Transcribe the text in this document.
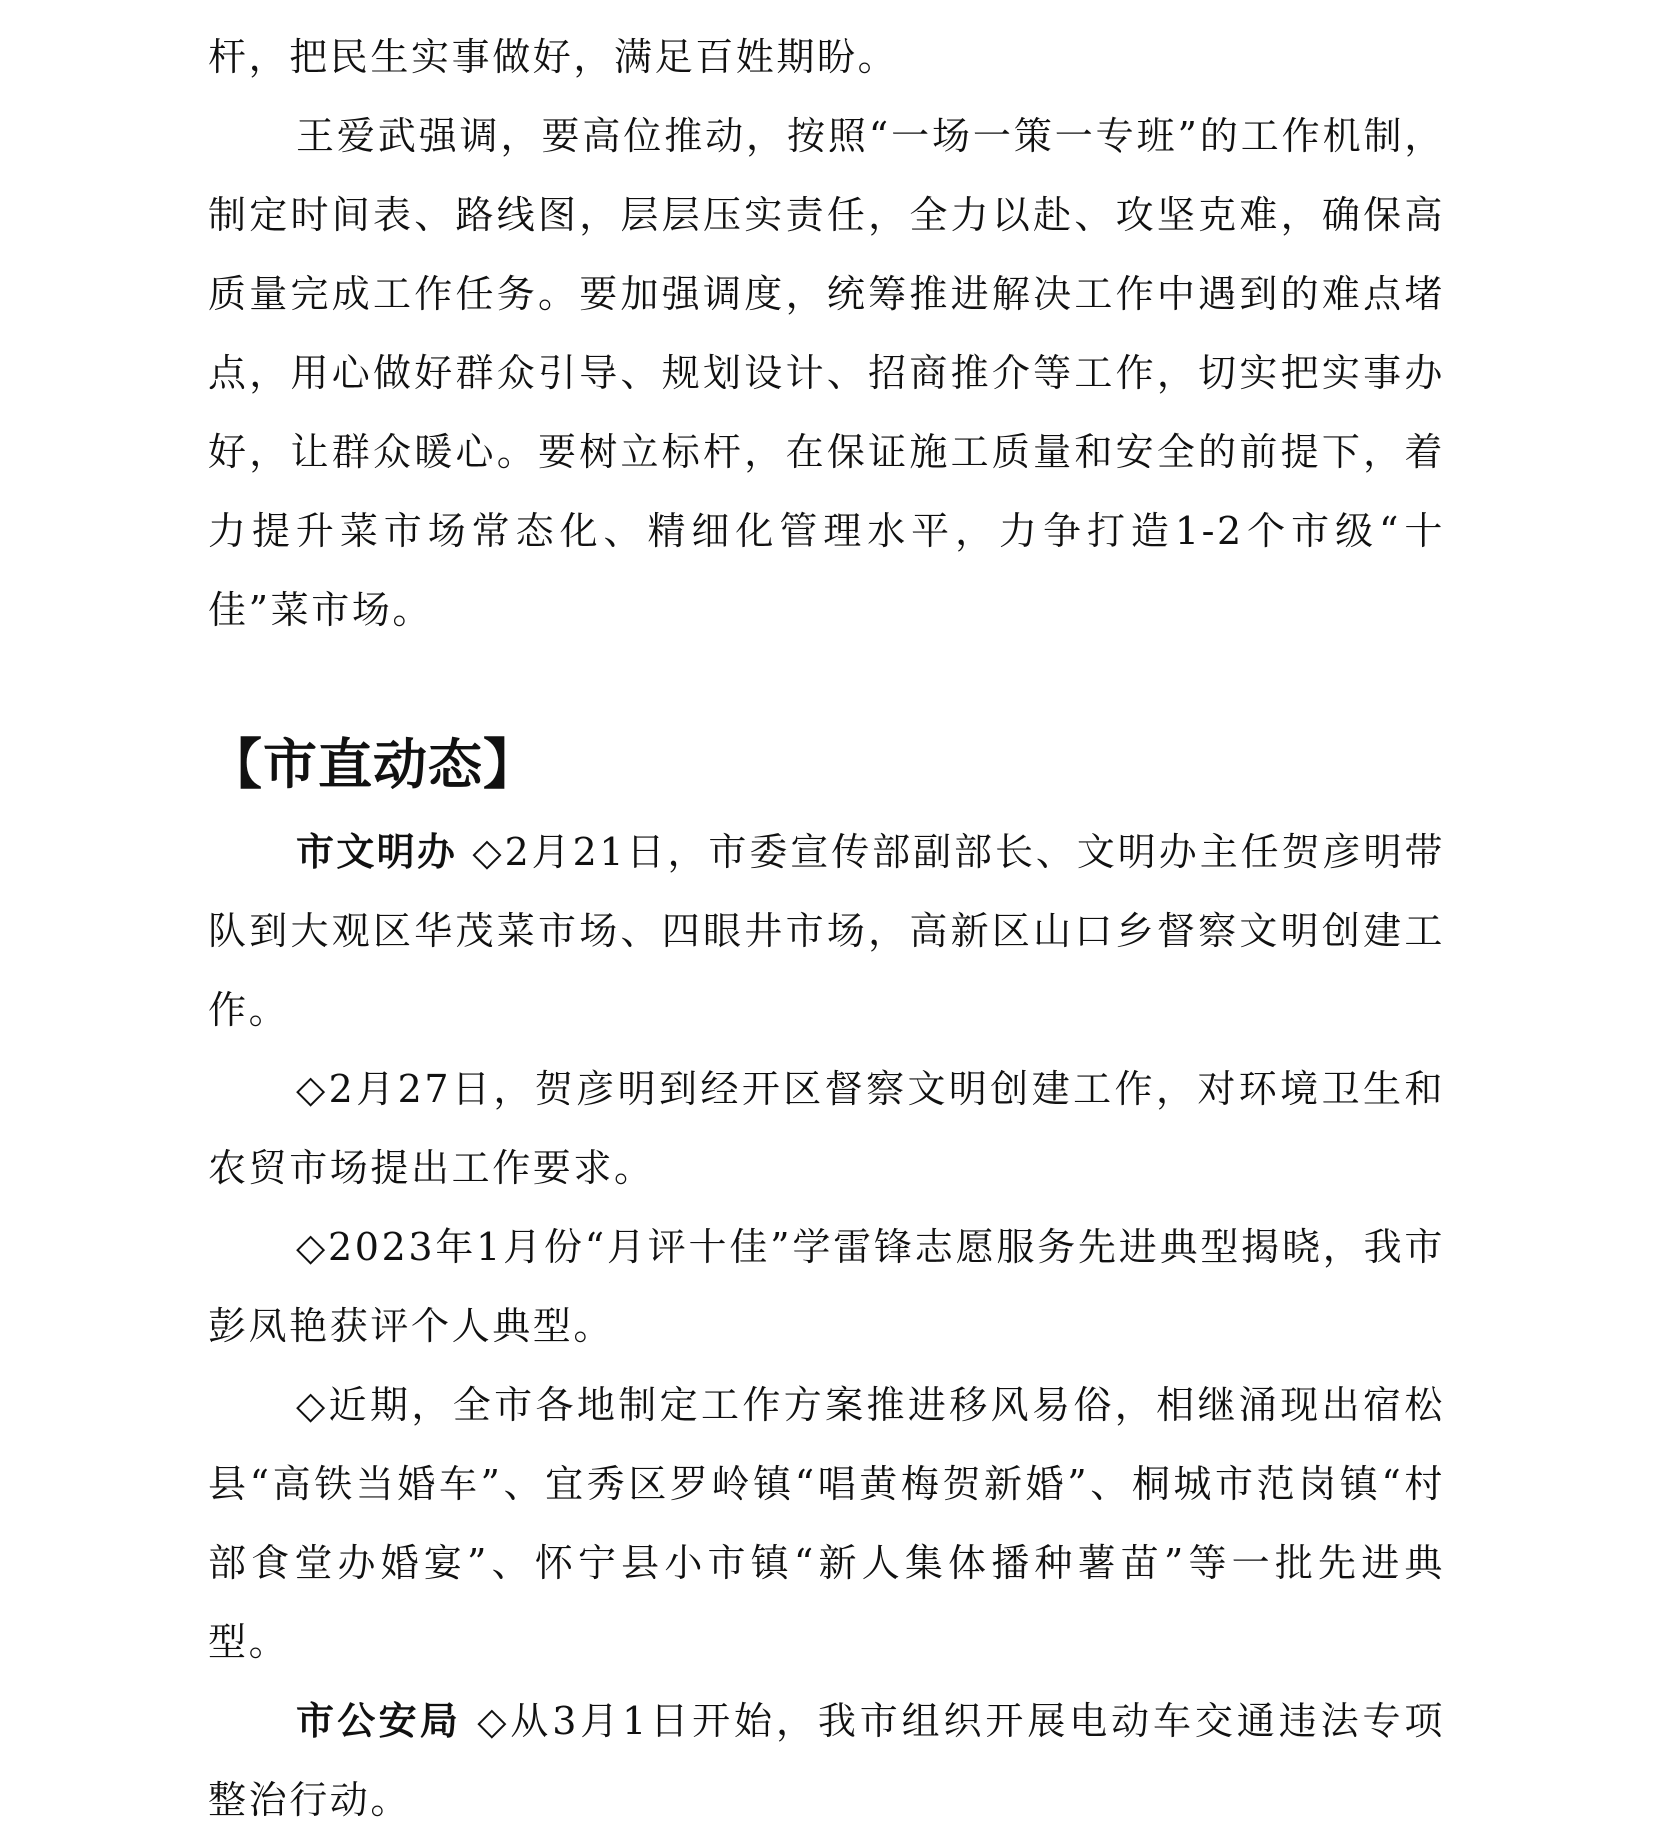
杆，把民生实事做好，满足百姓期盼。

王爱武强调，要高位推动，按照“一场一策一专班”的工作机制，制定时间表、路线图，层层压实责任，全力以赴、攻坚克难，确保高质量完成工作任务。要加强调度，统筹推进解决工作中遇到的难点堵点，用心做好群众引导、规划设计、招商推介等工作，切实把实事办好，让群众暖心。要树立标杆，在保证施工质量和安全的前提下，着力提升菜市场常态化、精细化管理水平，力争打造1-2个市级“十佳”菜市场。

【市直动态】

市文明办 ◇2月21日，市委宣传部副部长、文明办主任贺彦明带队到大观区华茂菜市场、四眼井市场，高新区山口乡督察文明创建工作。

◇2月27日，贺彦明到经开区督察文明创建工作，对环境卫生和农贸市场提出工作要求。

◇2023年1月份“月评十佳”学雷锋志愿服务先进典型揭晓，我市彭凤艳获评个人典型。

◇近期，全市各地制定工作方案推进移风易俗，相继涌现出宿松县“高铁当婚车”、宜秀区罗岭镇“唱黄梅贺新婚”、桐城市范岗镇“村部食堂办婚宴”、怀宁县小市镇“新人集体播种薯苗”等一批先进典型。

市公安局 ◇从3月1日开始，我市组织开展电动车交通违法专项整治行动。
